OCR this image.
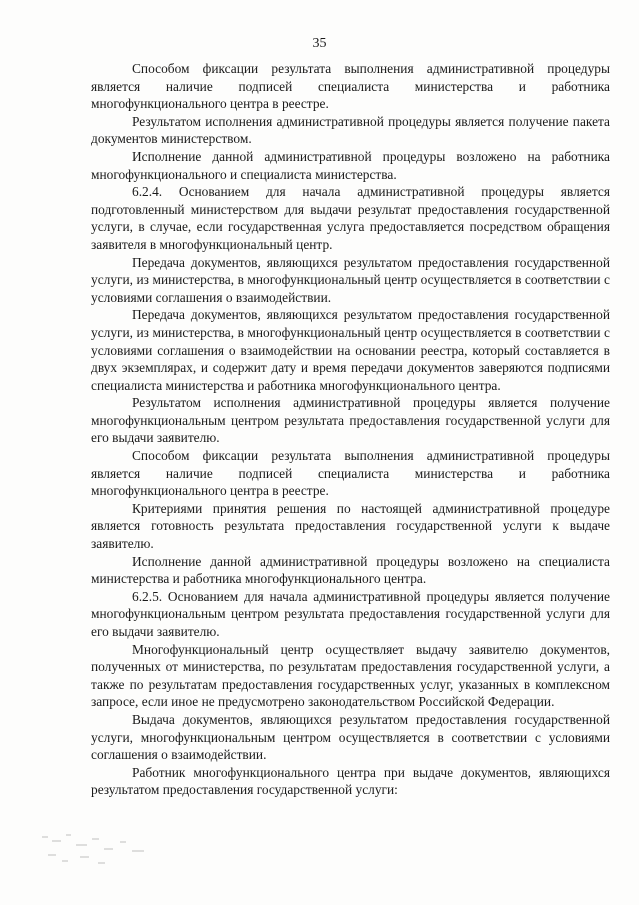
35

Способом фиксации результата выполнения административной процедуры является наличие подписей специалиста министерства и работника многофункционального центра в реестре.

Результатом исполнения административной процедуры является получение пакета документов министерством.

Исполнение данной административной процедуры возложено на работника многофункционального и специалиста министерства.

6.2.4. Основанием для начала административной процедуры является подготовленный министерством для выдачи результат предоставления государственной услуги, в случае, если государственная услуга предоставляется посредством обращения заявителя в многофункциональный центр.

Передача документов, являющихся результатом предоставления государственной услуги, из министерства, в многофункциональный центр осуществляется в соответствии с условиями соглашения о взаимодействии.

Передача документов, являющихся результатом предоставления государственной услуги, из министерства, в многофункциональный центр осуществляется в соответствии с условиями соглашения о взаимодействии на основании реестра, который составляется в двух экземплярах, и содержит дату и время передачи документов заверяются подписями специалиста министерства и работника многофункционального центра.

Результатом исполнения административной процедуры является получение многофункциональным центром результата предоставления государственной услуги для его выдачи заявителю.

Способом фиксации результата выполнения административной процедуры является наличие подписей специалиста министерства и работника многофункционального центра в реестре.

Критериями принятия решения по настоящей административной процедуре является готовность результата предоставления государственной услуги к выдаче заявителю.

Исполнение данной административной процедуры возложено на специалиста министерства и работника многофункционального центра.

6.2.5. Основанием для начала административной процедуры является получение многофункциональным центром результата предоставления государственной услуги для его выдачи заявителю.

Многофункциональный центр осуществляет выдачу заявителю документов, полученных от министерства, по результатам предоставления государственной услуги, а также по результатам предоставления государственных услуг, указанных в комплексном запросе, если иное не предусмотрено законодательством Российской Федерации.

Выдача документов, являющихся результатом предоставления государственной услуги, многофункциональным центром осуществляется в соответствии с условиями соглашения о взаимодействии.

Работник многофункционального центра при выдаче документов, являющихся результатом предоставления государственной услуги:
